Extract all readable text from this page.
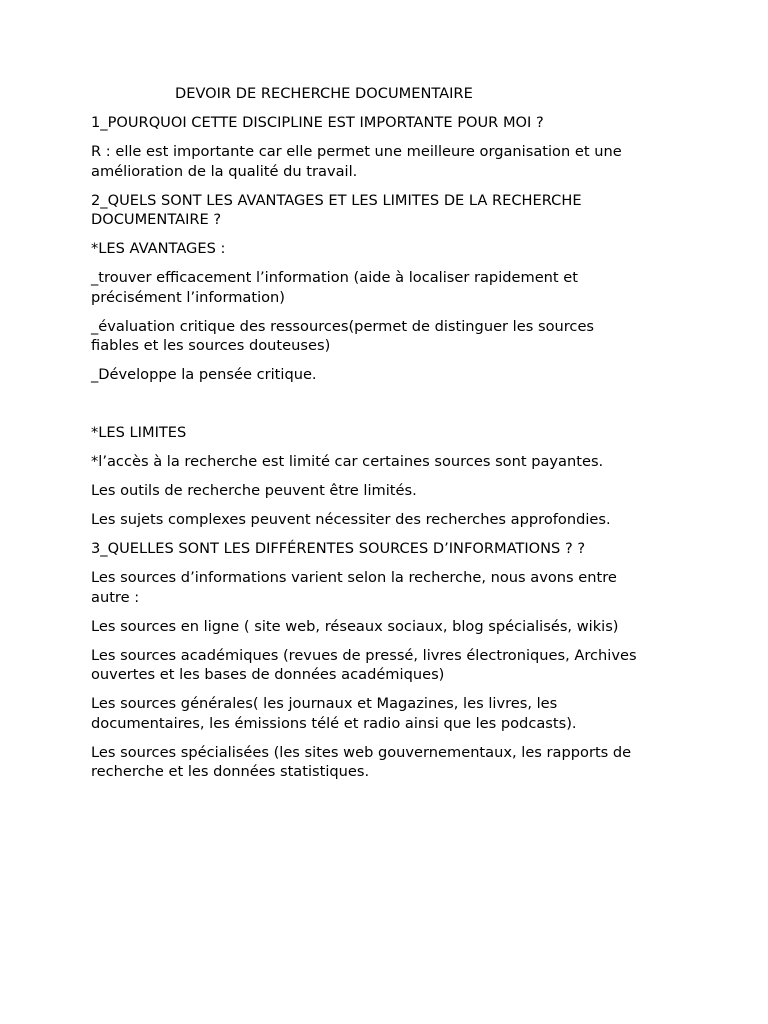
DEVOIR DE RECHERCHE DOCUMENTAIRE

1_POURQUOI CETTE DISCIPLINE EST IMPORTANTE POUR MOI ?

R : elle est importante car elle permet une meilleure organisation et une
amélioration de la qualité du travail.

2_QUELS SONT LES AVANTAGES ET LES LIMITES DE LA RECHERCHE
DOCUMENTAIRE ?

*LES AVANTAGES :

_trouver efficacement l’information (aide à localiser rapidement et
précisément l’information)

_évaluation critique des ressources(permet de distinguer les sources
fiables et les sources douteuses)

_Développe la pensée critique.

*LES LIMITES

*l’accès à la recherche est limité car certaines sources sont payantes.

Les outils de recherche peuvent être limités.

Les sujets complexes peuvent nécessiter des recherches approfondies.

3_QUELLES SONT LES DIFFÉRENTES SOURCES D’INFORMATIONS ? ?

Les sources d’informations varient selon la recherche, nous avons entre
autre :

Les sources en ligne ( site web, réseaux sociaux, blog spécialisés, wikis)

Les sources académiques (revues de pressé, livres électroniques, Archives
ouvertes et les bases de données académiques)

Les sources générales( les journaux et Magazines, les livres, les
documentaires, les émissions télé et radio ainsi que les podcasts).

Les sources spécialisées (les sites web gouvernementaux, les rapports de
recherche et les données statistiques.
